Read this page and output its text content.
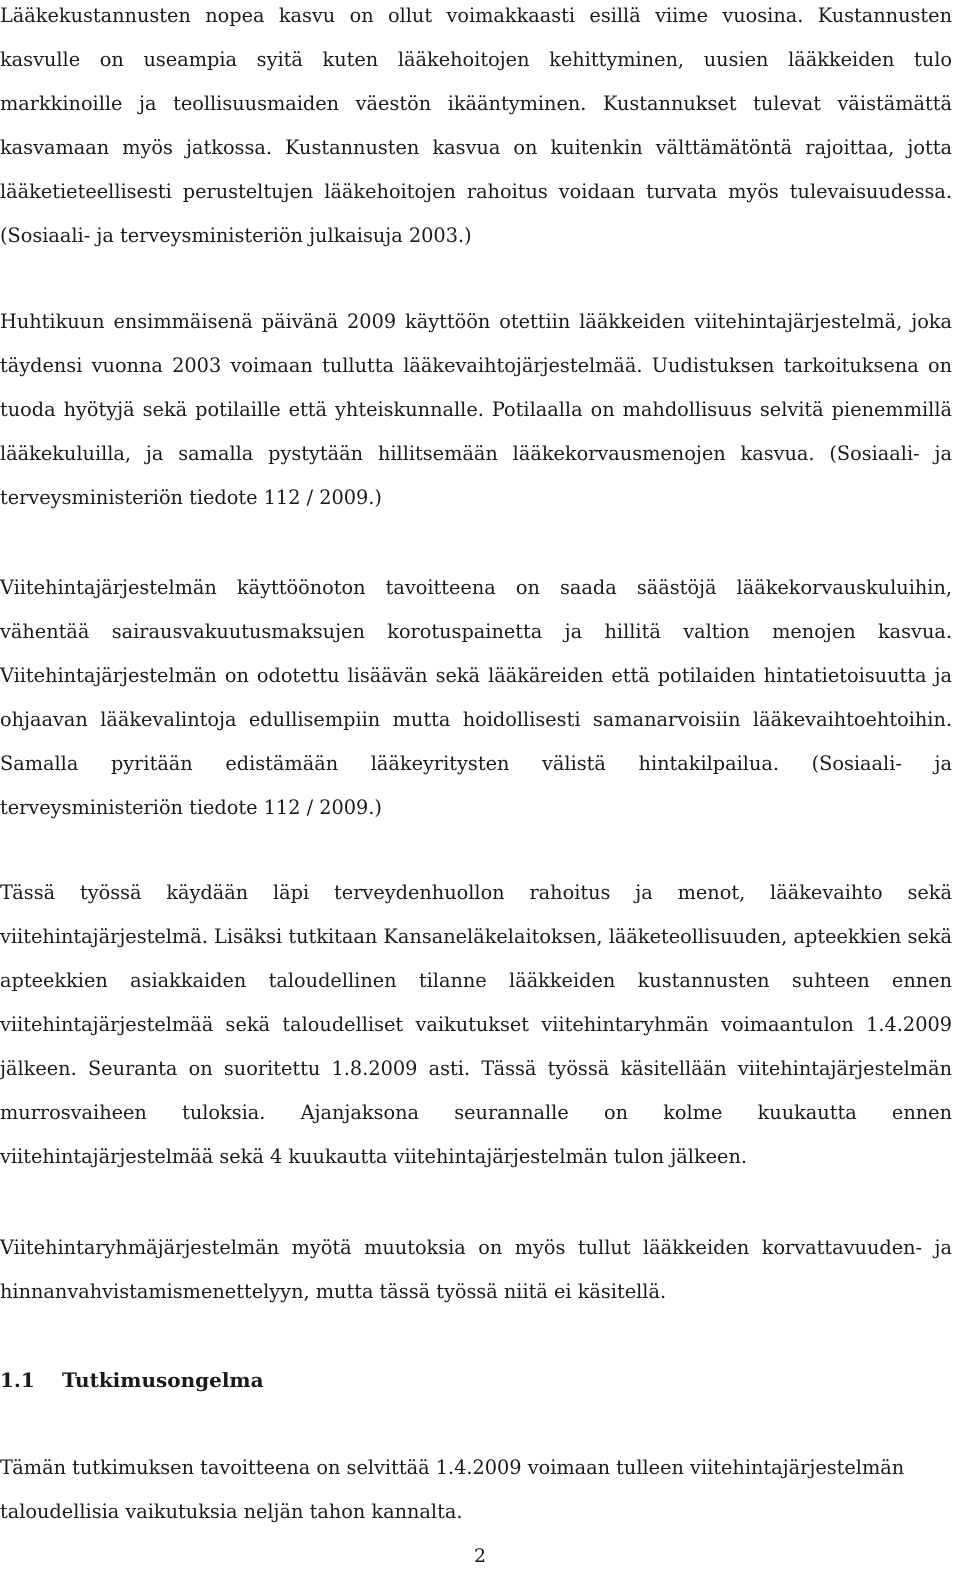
Lääkekustannusten nopea kasvu on ollut voimakkaasti esillä viime vuosina. Kustannusten kasvulle on useampia syitä kuten lääkehoitojen kehittyminen, uusien lääkkeiden tulo markkinoille ja teollisuusmaiden väestön ikääntyminen. Kustannukset tulevat väistämättä kasvamaan myös jatkossa. Kustannusten kasvua on kuitenkin välttämätöntä rajoittaa, jotta lääketieteellisesti perusteltujen lääkehoitojen rahoitus voidaan turvata myös tulevaisuudessa. (Sosiaali- ja terveysministeriön julkaisuja 2003.)

Huhtikuun ensimmäisenä päivänä 2009 käyttöön otettiin lääkkeiden viitehintajärjestelmä, joka täydensi vuonna 2003 voimaan tullutta lääkevaihtojärjestelmää. Uudistuksen tarkoituksena on tuoda hyötyjä sekä potilaille että yhteiskunnalle. Potilaalla on mahdollisuus selvitä pienemmillä lääkekuluilla, ja samalla pystytään hillitsemään lääkekorvausmenojen kasvua. (Sosiaali- ja terveysministeriön tiedote 112 / 2009.)

Viitehintajärjestelmän käyttöönoton tavoitteena on saada säästöjä lääkekorvauskuluihin, vähentää sairausvakuutusmaksujen korotuspainetta ja hillitä valtion menojen kasvua. Viitehintajärjestelmän on odotettu lisäävän sekä lääkäreiden että potilaiden hintatietoisuutta ja ohjaavan lääkevalintoja edullisempiin mutta hoidollisesti samanarvoisiin lääkevaihtoehtoihin. Samalla pyritään edistämään lääkeyritysten välistä hintakilpailua. (Sosiaali- ja terveysministeriön tiedote 112 / 2009.)

Tässä työssä käydään läpi terveydenhuollon rahoitus ja menot, lääkevaihto sekä viitehintajärjestelmä. Lisäksi tutkitaan Kansaneläkelaitoksen, lääketeollisuuden, apteekkien sekä apteekkien asiakkaiden taloudellinen tilanne lääkkeiden kustannusten suhteen ennen viitehintajärjestelmää sekä taloudelliset vaikutukset viitehintaryhmän voimaantulon 1.4.2009 jälkeen. Seuranta on suoritettu 1.8.2009 asti. Tässä työssä käsitellään viitehintajärjestelmän murrosvaiheen tuloksia. Ajanjaksona seurannalle on kolme kuukautta ennen viitehintajärjestelmää sekä 4 kuukautta viitehintajärjestelmän tulon jälkeen.

Viitehintaryhmäjärjestelmän myötä muutoksia on myös tullut lääkkeiden korvattavuuden- ja hinnanvahvistamismenettelyyn, mutta tässä työssä niitä ei käsitellä.

1.1 Tutkimusongelma

Tämän tutkimuksen tavoitteena on selvittää 1.4.2009 voimaan tulleen viitehintajärjestelmän taloudellisia vaikutuksia neljän tahon kannalta.

2
